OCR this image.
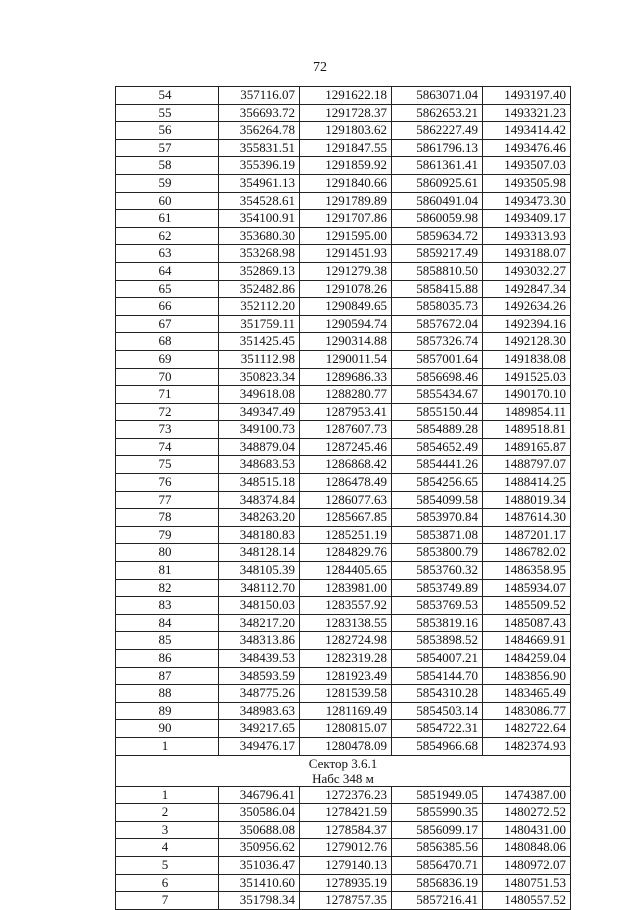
72
54	357116.07	1291622.18	5863071.04	1493197.40
55	356693.72	1291728.37	5862653.21	1493321.23
56	356264.78	1291803.62	5862227.49	1493414.42
57	355831.51	1291847.55	5861796.13	1493476.46
58	355396.19	1291859.92	5861361.41	1493507.03
59	354961.13	1291840.66	5860925.61	1493505.98
60	354528.61	1291789.89	5860491.04	1493473.30
61	354100.91	1291707.86	5860059.98	1493409.17
62	353680.30	1291595.00	5859634.72	1493313.93
63	353268.98	1291451.93	5859217.49	1493188.07
64	352869.13	1291279.38	5858810.50	1493032.27
65	352482.86	1291078.26	5858415.88	1492847.34
66	352112.20	1290849.65	5858035.73	1492634.26
67	351759.11	1290594.74	5857672.04	1492394.16
68	351425.45	1290314.88	5857326.74	1492128.30
69	351112.98	1290011.54	5857001.64	1491838.08
70	350823.34	1289686.33	5856698.46	1491525.03
71	349618.08	1288280.77	5855434.67	1490170.10
72	349347.49	1287953.41	5855150.44	1489854.11
73	349100.73	1287607.73	5854889.28	1489518.81
74	348879.04	1287245.46	5854652.49	1489165.87
75	348683.53	1286868.42	5854441.26	1488797.07
76	348515.18	1286478.49	5854256.65	1488414.25
77	348374.84	1286077.63	5854099.58	1488019.34
78	348263.20	1285667.85	5853970.84	1487614.30
79	348180.83	1285251.19	5853871.08	1487201.17
80	348128.14	1284829.76	5853800.79	1486782.02
81	348105.39	1284405.65	5853760.32	1486358.95
82	348112.70	1283981.00	5853749.89	1485934.07
83	348150.03	1283557.92	5853769.53	1485509.52
84	348217.20	1283138.55	5853819.16	1485087.43
85	348313.86	1282724.98	5853898.52	1484669.91
86	348439.53	1282319.28	5854007.21	1484259.04
87	348593.59	1281923.49	5854144.70	1483856.90
88	348775.26	1281539.58	5854310.28	1483465.49
89	348983.63	1281169.49	5854503.14	1483086.77
90	349217.65	1280815.07	5854722.31	1482722.64
1	349476.17	1280478.09	5854966.68	1482374.93

Сектор 3.6.1
Набс 348 м				

1	346796.41	1272376.23	5851949.05	1474387.00
2	350586.04	1278421.59	5855990.35	1480272.52
3	350688.08	1278584.37	5856099.17	1480431.00
4	350956.62	1279012.76	5856385.56	1480848.06
5	351036.47	1279140.13	5856470.71	1480972.07
6	351410.60	1278935.19	5856836.19	1480751.53
7	351798.34	1278757.35	5857216.41	1480557.52
